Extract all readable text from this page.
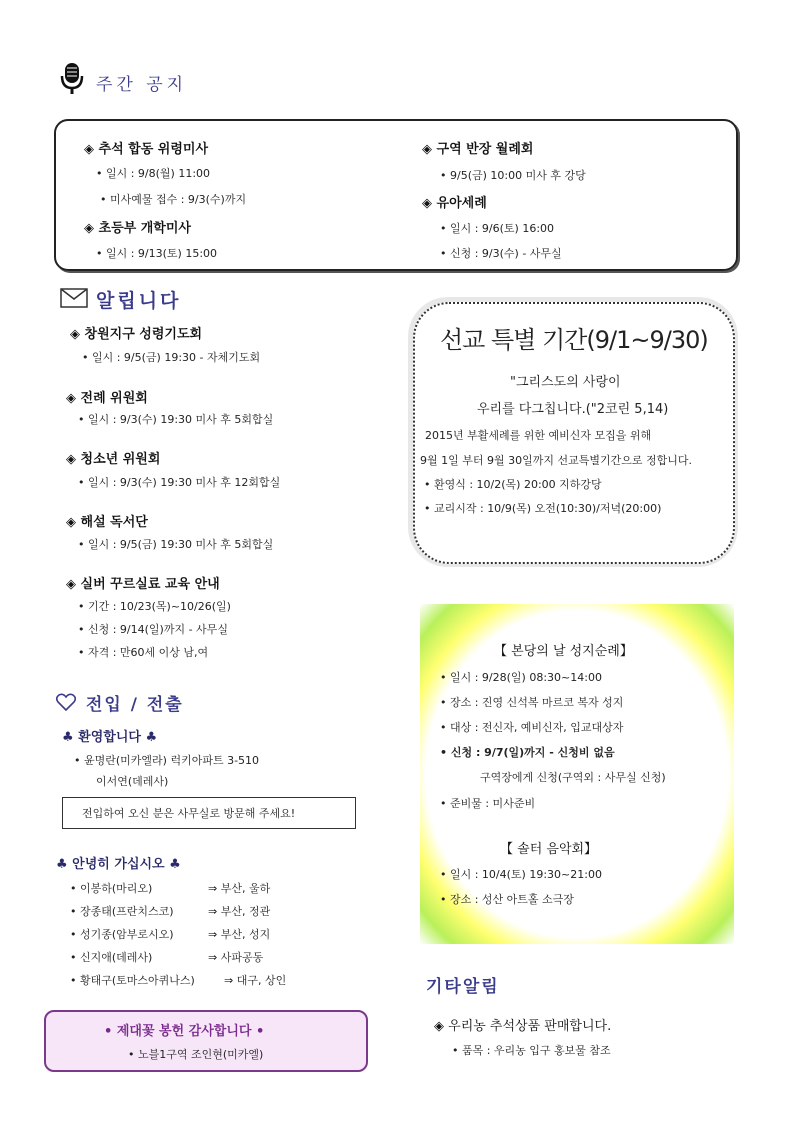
주간 공지
◈ 추석 합동 위령미사
• 일시 : 9/8(월) 11:00
• 미사예물 접수 : 9/3(수)까지
◈ 초등부 개학미사
• 일시 : 9/13(토) 15:00
◈ 구역 반장 월례회
• 9/5(금) 10:00 미사 후 강당
◈ 유아세례
• 일시 : 9/6(토) 16:00
• 신청 : 9/3(수) - 사무실
알립니다
◈ 창원지구 성령기도회
• 일시 : 9/5(금) 19:30 - 자체기도회
◈ 전례 위원회
• 일시 : 9/3(수) 19:30 미사 후 5회합실
◈ 청소년 위원회
• 일시 : 9/3(수) 19:30 미사 후 12회합실
◈ 해설 독서단
• 일시 : 9/5(금) 19:30 미사 후 5회합실
◈ 실버 꾸르실료 교육 안내
• 기간 : 10/23(목)~10/26(일)
• 신청 : 9/14(일)까지 - 사무실
• 자격 : 만60세 이상 남,여
선교 특별 기간(9/1~9/30)
"그리스도의 사랑이
우리를 다그칩니다.("2코린 5,14)
2015년 부활세례를 위한 예비신자 모집을 위해
9월 1일 부터 9월 30일까지 선교특별기간으로 정합니다.
• 환영식 : 10/2(목) 20:00 지하강당
• 교리시작 : 10/9(목) 오전(10:30)/저녁(20:00)
【 본당의 날 성지순례】
• 일시 : 9/28(일) 08:30~14:00
• 장소 : 진영 신석복 마르코 복자 성지
• 대상 : 전신자, 예비신자, 입교대상자
• 신청 : 9/7(일)까지 - 신청비 없음
구역장에게 신청(구역외 : 사무실 신청)
• 준비물 : 미사준비
【 솔터 음악회】
• 일시 : 10/4(토) 19:30~21:00
• 장소 : 성산 아트홀 소극장
전입 / 전출
♣ 환영합니다 ♣
• 윤명란(미카엘라) 럭키아파트 3-510
이서연(데레사)
전입하여 오신 분은 사무실로 방문해 주세요!
♣ 안녕히 가십시오 ♣
• 이봉하(마리오)	⇒ 부산, 울하
• 장종태(프란치스코)	⇒ 부산, 정관
• 성기종(암부로시오)	⇒ 부산, 성지
• 신지애(데레사)	⇒ 사파공동
• 황태구(토마스아퀴나스)	⇒ 대구, 상인
• 제대꽃 봉헌 감사합니다 •
• 노블1구역 조인현(미카엘)
기타알림
◈ 우리농 추석상품 판매합니다.
• 품목 : 우리농 입구 홍보물 참조
